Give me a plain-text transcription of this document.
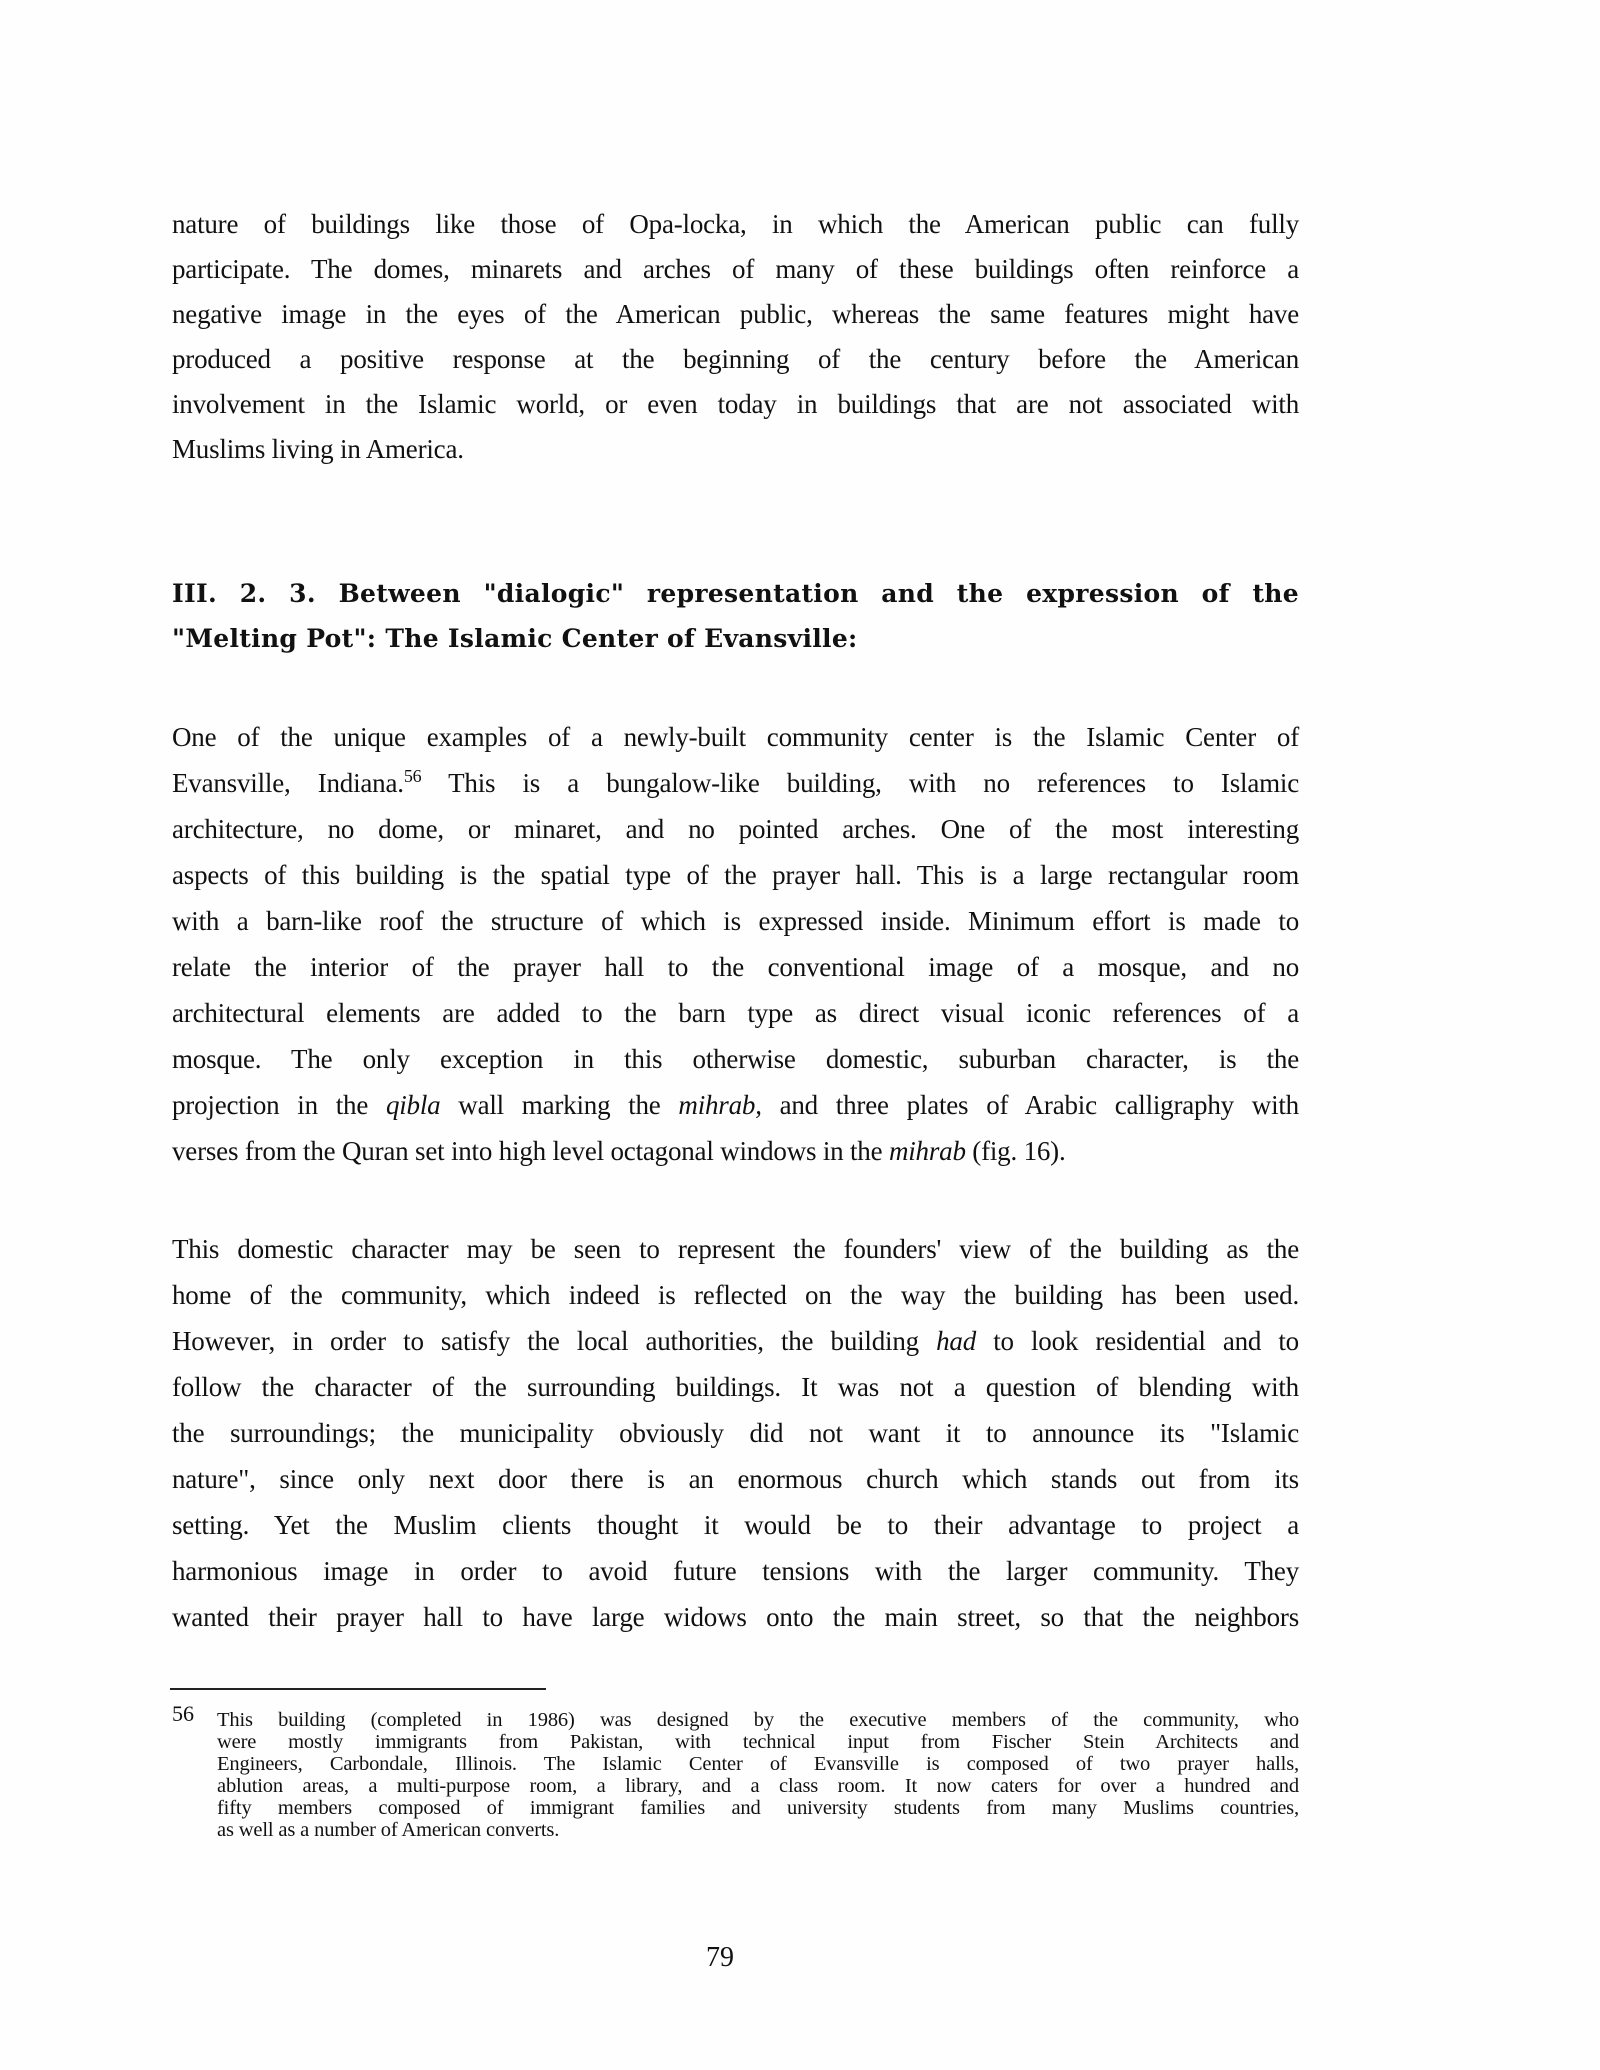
nature of buildings like those of Opa-locka, in which the American public can fully
participate. The domes, minarets and arches of many of these buildings often reinforce a
negative image in the eyes of the American public, whereas the same features might have
produced a positive response at the beginning of the century before the American
involvement in the Islamic world, or even today in buildings that are not associated with
Muslims living in America.
III. 2. 3. Between "dialogic" representation and the expression of the
"Melting Pot": The Islamic Center of Evansville:
One of the unique examples of a newly-built community center is the Islamic Center of
Evansville, Indiana.$^{56}$ This is a bungalow-like building, with no references to Islamic
architecture, no dome, or minaret, and no pointed arches. One of the most interesting
aspects of this building is the spatial type of the prayer hall. This is a large rectangular room
with a barn-like roof the structure of which is expressed inside. Minimum effort is made to
relate the interior of the prayer hall to the conventional image of a mosque, and no
architectural elements are added to the barn type as direct visual iconic references of a
mosque. The only exception in this otherwise domestic, suburban character, is the
projection in the qibla wall marking the mihrab, and three plates of Arabic calligraphy with
verses from the Quran set into high level octagonal windows in the mihrab (fig. 16).
This domestic character may be seen to represent the founders' view of the building as the
home of the community, which indeed is reflected on the way the building has been used.
However, in order to satisfy the local authorities, the building had to look residential and to
follow the character of the surrounding buildings. It was not a question of blending with
the surroundings; the municipality obviously did not want it to announce its "Islamic
nature", since only next door there is an enormous church which stands out from its
setting. Yet the Muslim clients thought it would be to their advantage to project a
harmonious image in order to avoid future tensions with the larger community. They
wanted their prayer hall to have large widows onto the main street, so that the neighbors
56 This building (completed in 1986) was designed by the executive members of the community, who
were mostly immigrants from Pakistan, with technical input from Fischer Stein Architects and
Engineers, Carbondale, Illinois. The Islamic Center of Evansville is composed of two prayer halls,
ablution areas, a multi-purpose room, a library, and a class room. It now caters for over a hundred and
fifty members composed of immigrant families and university students from many Muslims countries,
as well as a number of American converts.
79
